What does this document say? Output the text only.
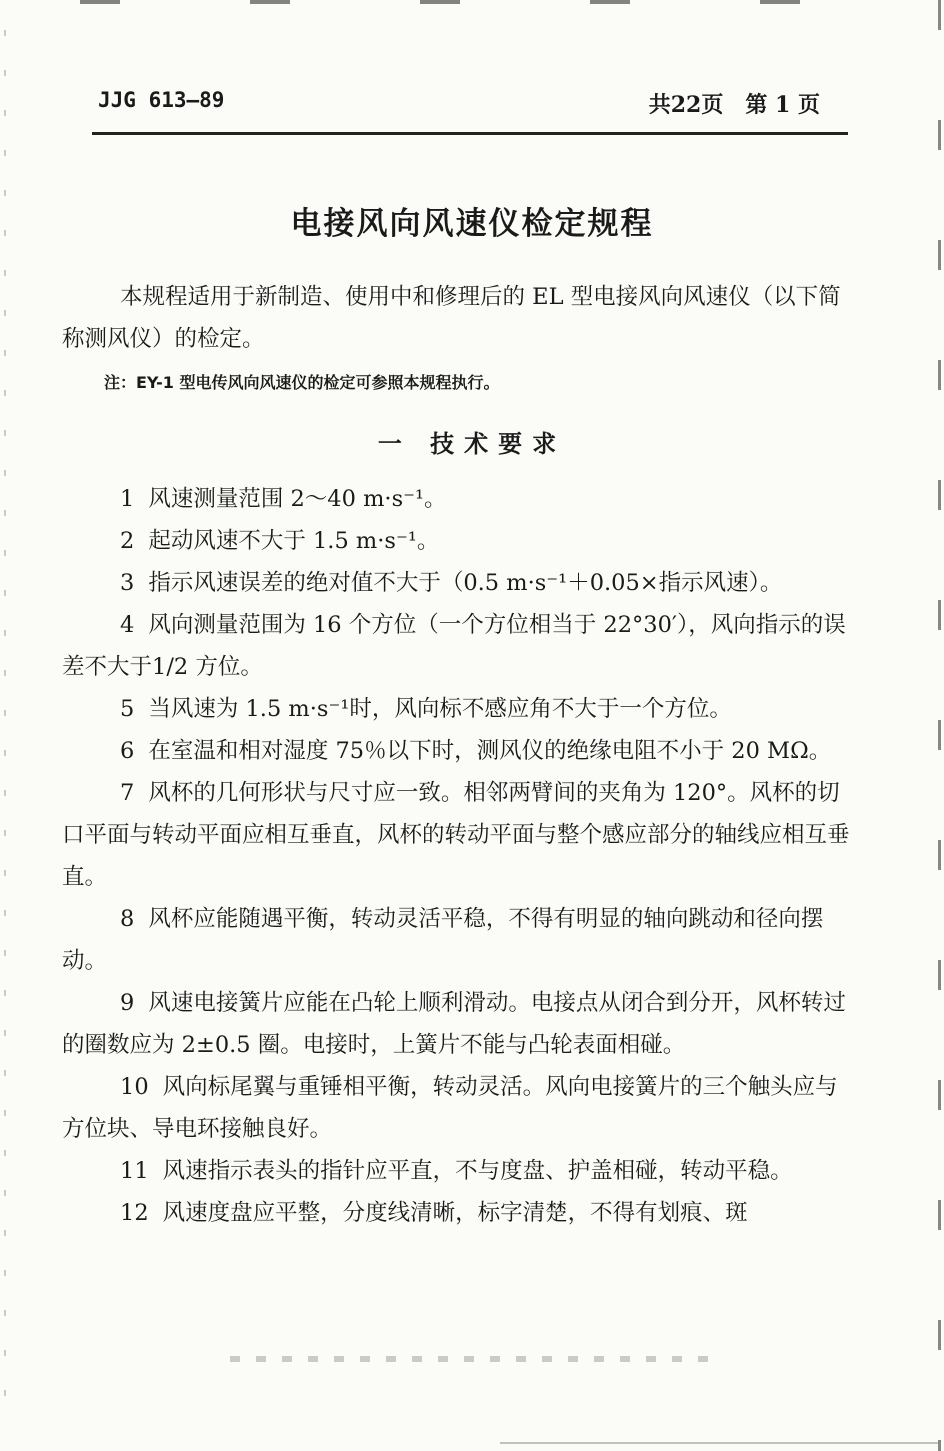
JJG 613—89	共22页　第 1 页
电接风向风速仪检定规程
本规程适用于新制造、使用中和修理后的 EL 型电接风向风速仪（以下简称测风仪）的检定。
注：EY-1 型电传风向风速仪的检定可参照本规程执行。
一 技术要求
1 风速测量范围 2～40 m·s⁻¹。
2 起动风速不大于 1.5 m·s⁻¹。
3 指示风速误差的绝对值不大于（0.5 m·s⁻¹＋0.05×指示风速）。
4 风向测量范围为 16 个方位（一个方位相当于 22°30′），风向指示的误差不大于1/2 方位。
5 当风速为 1.5 m·s⁻¹时，风向标不感应角不大于一个方位。
6 在室温和相对湿度 75％以下时，测风仪的绝缘电阻不小于 20 MΩ。
7 风杯的几何形状与尺寸应一致。相邻两臂间的夹角为 120°。风杯的切口平面与转动平面应相互垂直，风杯的转动平面与整个感应部分的轴线应相互垂直。
8 风杯应能随遇平衡，转动灵活平稳，不得有明显的轴向跳动和径向摆动。
9 风速电接簧片应能在凸轮上顺利滑动。电接点从闭合到分开，风杯转过的圈数应为 2±0.5 圈。电接时，上簧片不能与凸轮表面相碰。
10 风向标尾翼与重锤相平衡，转动灵活。风向电接簧片的三个触头应与方位块、导电环接触良好。
11 风速指示表头的指针应平直，不与度盘、护盖相碰，转动平稳。
12 风速度盘应平整，分度线清晰，标字清楚，不得有划痕、斑
